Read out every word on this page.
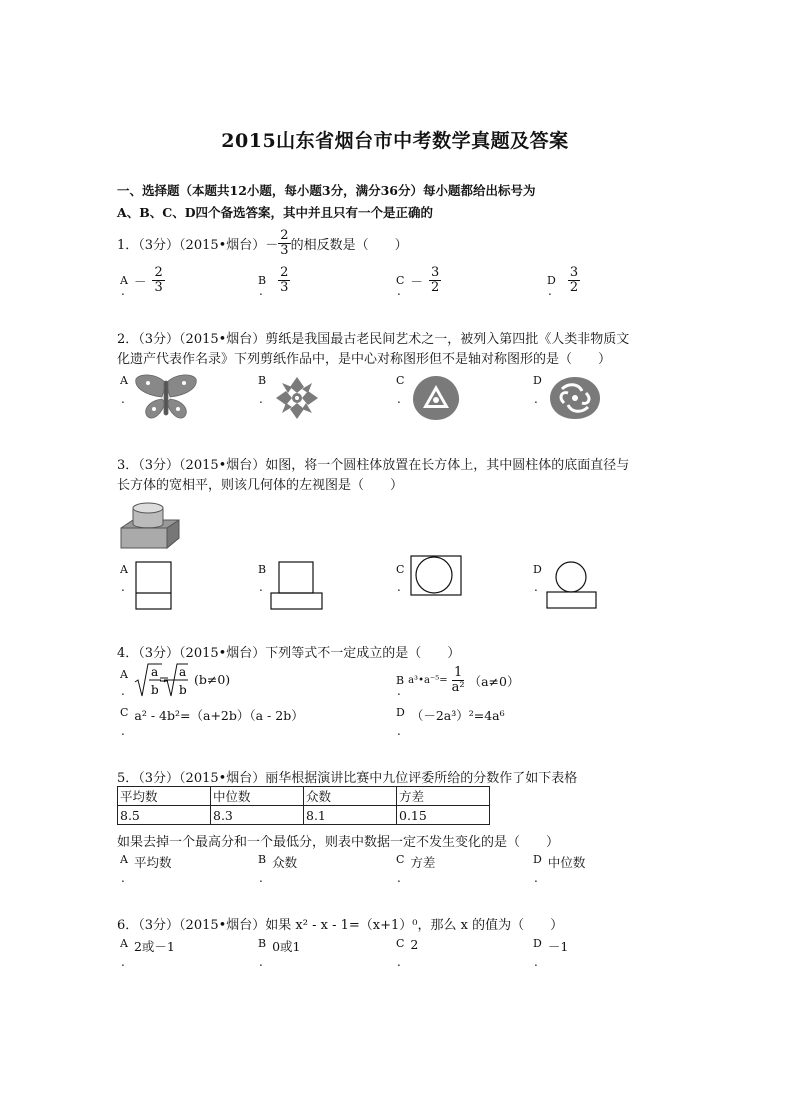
2015山东省烟台市中考数学真题及答案
一、选择题（本题共12小题，每小题3分，满分36分）每小题都给出标号为
A、B、C、D四个备选答案，其中并且只有一个是正确的
1．（3分）（2015•烟台）－ $\frac{2}{3}$ 的相反数是（　　）
$A - \frac{2}{3}$	B $\frac{2}{3}$	$C - \frac{3}{2}$	D $\frac{3}{2}$
.	.	.	.
2．（3分）（2015•烟台）剪纸是我国最古老民间艺术之一，被列入第四批《人类非物质文
化遗产代表作名录》下列剪纸作品中，是中心对称图形但不是轴对称图形的是（　　）
A	B	C	D
.	.	.	.
3．（3分）（2015•烟台）如图，将一个圆柱体放置在长方体上，其中圆柱体的底面直径与
长方体的宽相平，则该几何体的左视图是（　　）
A	B	C	D
.	.	.	.
4．（3分）（2015•烟台）下列等式不一定成立的是（　　）
A a
b
a
b
(b≠0)
.
B a³•a⁻⁵= $\frac{1}{\text{a²}} (a\ne 0)$
.
C a² - 4b²=（a+2b）（a - 2b）
.
D （－2a³）²=4a⁶
.
5．（3分）（2015•烟台）丽华根据演讲比赛中九位评委所给的分数作了如下表格
平均数	中位数	众数	方差
8.5	8.3	8.1	0.15
如果去掉一个最高分和一个最低分，则表中数据一定不发生变化的是（　　）
A 平均数	B 众数	C 方差	D 中位数
.	.	.	.
6．（3分）（2015•烟台）如果 x² - x - 1=（x+1）⁰，那么 x 的值为（　　）
A 2或－1	B 0或1	C 2	D －1
.	.	.	.
